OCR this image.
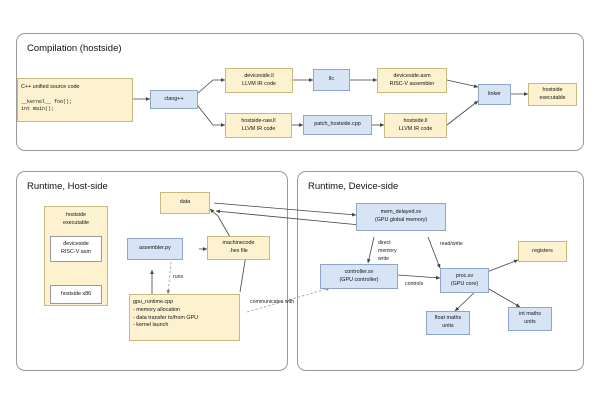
Compilation (hostside)
Runtime, Host-side	Runtime, Device-side
C++ unified source code
__kernel__ foo();
int main();
clang++
deviceside.ll
LLVM IR code
llc
deviceside.asm
RISC-V assembler
hostside-raw.ll
LLVM IR code
patch_hostside.cpp
hostside.ll
LLVM IR code
linker
hostside
executable
hostside
executable
deviceside
RISC-V asm
hostside x86
assembler.py
machinecode
.hex file
data
gpu_runtime.cpp
- memory allocation
- data transfer to/from GPU
- kernel launch
runs
communicates with
mem_delayed.sv
(GPU global memory)
controller.sv
(GPU controller)
proc.sv
(GPU core)
registers
float maths
units
int maths
units
direct
memory
write
read/write
controls
